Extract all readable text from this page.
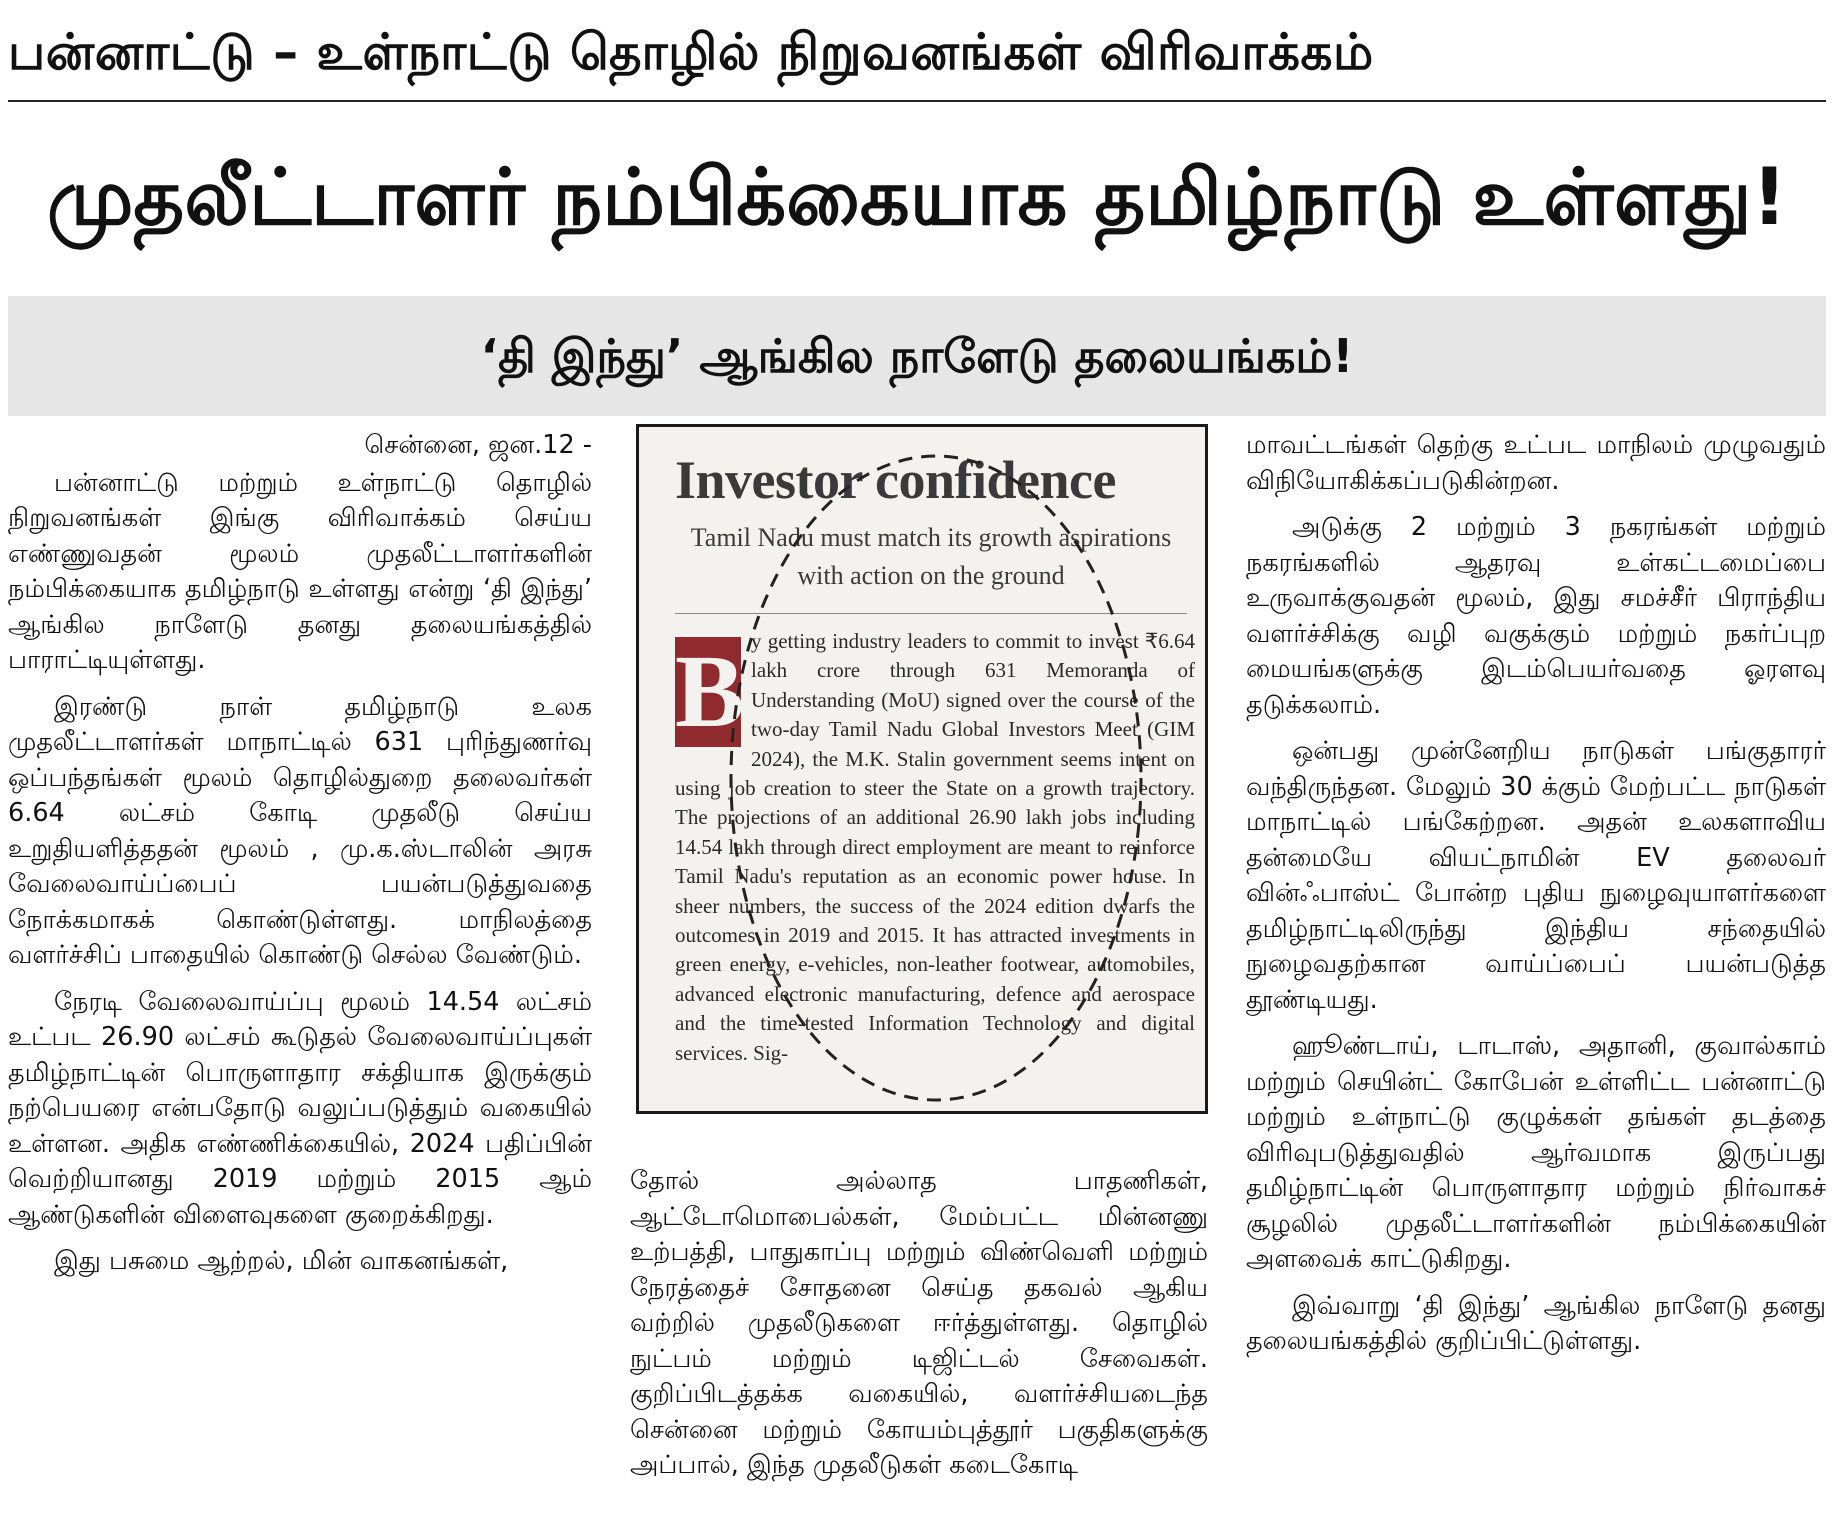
பன்னாட்டு – உள்நாட்டு தொழில் நிறுவனங்கள் விரிவாக்கம்
முதலீட்டாளர் நம்பிக்கையாக தமிழ்நாடு உள்ளது!
‘தி இந்து’ ஆங்கில நாளேடு தலையங்கம்!
சென்னை, ஜன.12 -

பன்னாட்டு மற்றும் உள்நாட்டு தொழில் நிறுவனங்கள் இங்கு விரிவாக்கம் செய்ய எண்ணுவதன் மூலம் முதலீட்டாளர்களின் நம்பிக்கையாக தமிழ்நாடு உள்ளது என்று ‘தி இந்து’ ஆங்கில நாளேடு தனது தலையங்கத்தில் பாராட்டியுள்ளது.

இரண்டு நாள் தமிழ்நாடு உலக முதலீட்டாளர்கள் மாநாட்டில் 631 புரிந்துணர்வு ஒப்பந்தங்கள் மூலம் தொழில்துறை தலைவர்கள் 6.64 லட்சம் கோடி முதலீடு செய்ய உறுதியளித்ததன் மூலம் , மு.க.ஸ்டாலின் அரசு வேலைவாய்ப்பைப் பயன்படுத்துவதை நோக்கமாகக் கொண்டுள்ளது. மாநிலத்தை வளர்ச்சிப் பாதையில் கொண்டு செல்ல வேண்டும்.

நேரடி வேலைவாய்ப்பு மூலம் 14.54 லட்சம் உட்பட 26.90 லட்சம் கூடுதல் வேலைவாய்ப்புகள் தமிழ்நாட்டின் பொருளாதார சக்தியாக இருக்கும் நற்பெயரை என்பதோடு வலுப்படுத்தும் வகையில் உள்ளன. அதிக எண்ணிக்கையில், 2024 பதிப்பின் வெற்றியானது 2019 மற்றும் 2015 ஆம் ஆண்டுகளின் விளைவுகளை குறைக்கிறது.

இது பசுமை ஆற்றல், மின் வாகனங்கள்,

Investor confidence
Tamil Nadu must match its growth aspirations with action on the ground
B y getting industry leaders to commit to invest ₹6.64 lakh crore through 631 Memoranda of Understanding (MoU) signed over the course of the two-day Tamil Nadu Global Investors Meet (GIM 2024), the M.K. Stalin government seems intent on using job creation to steer the State on a growth trajectory. The projections of an additional 26.90 lakh jobs including 14.54 lakh through direct employment are meant to reinforce Tamil Nadu's reputation as an economic power house. In sheer numbers, the success of the 2024 edition dwarfs the outcomes in 2019 and 2015. It has attracted investments in green energy, e-vehicles, non-leather footwear, automobiles, advanced electronic manufacturing, defence and aerospace and the time-tested Information Technology and digital services. Sig-

தோல் அல்லாத பாதணிகள், ஆட்டோமொபைல்கள், மேம்பட்ட மின்னணு உற்பத்தி, பாதுகாப்பு மற்றும் விண்வெளி மற்றும் நேரத்தைச் சோதனை செய்த தகவல் ஆகிய வற்றில் முதலீடுகளை ஈர்த்துள்ளது. தொழில் நுட்பம் மற்றும் டிஜிட்டல் சேவைகள். குறிப்பிடத்தக்க வகையில், வளர்ச்சியடைந்த சென்னை மற்றும் கோயம்புத்தூர் பகுதிகளுக்கு அப்பால், இந்த முதலீடுகள் கடைகோடி

மாவட்டங்கள் தெற்கு உட்பட மாநிலம் முழுவதும் விநியோகிக்கப்படுகின்றன.

அடுக்கு 2 மற்றும் 3 நகரங்கள் மற்றும் நகரங்களில் ஆதரவு உள்கட்டமைப்பை உருவாக்குவதன் மூலம், இது சமச்சீர் பிராந்திய வளர்ச்சிக்கு வழி வகுக்கும் மற்றும் நகர்ப்புற மையங்களுக்கு இடம்பெயர்வதை ஓரளவு தடுக்கலாம்.

ஒன்பது முன்னேறிய நாடுகள் பங்குதாரர் வந்திருந்தன. மேலும் 30 க்கும் மேற்பட்ட நாடுகள் மாநாட்டில் பங்கேற்றன. அதன் உலகளாவிய தன்மையே வியட்நாமின் EV தலைவர் வின்ஃபாஸ்ட் போன்ற புதிய நுழைவுயாளர்களை தமிழ்நாட்டிலிருந்து இந்திய சந்தையில் நுழைவதற்கான வாய்ப்பைப் பயன்படுத்த தூண்டியது.

ஹூண்டாய், டாடாஸ், அதானி, குவால்காம் மற்றும் செயின்ட் கோபேன் உள்ளிட்ட பன்னாட்டு மற்றும் உள்நாட்டு குழுக்கள் தங்கள் தடத்தை விரிவுபடுத்துவதில் ஆர்வமாக இருப்பது தமிழ்நாட்டின் பொருளாதார மற்றும் நிர்வாகச் சூழலில் முதலீட்டாளர்களின் நம்பிக்கையின் அளவைக் காட்டுகிறது.

இவ்வாறு ‘தி இந்து’ ஆங்கில நாளேடு தனது தலையங்கத்தில் குறிப்பிட்டுள்ளது.
